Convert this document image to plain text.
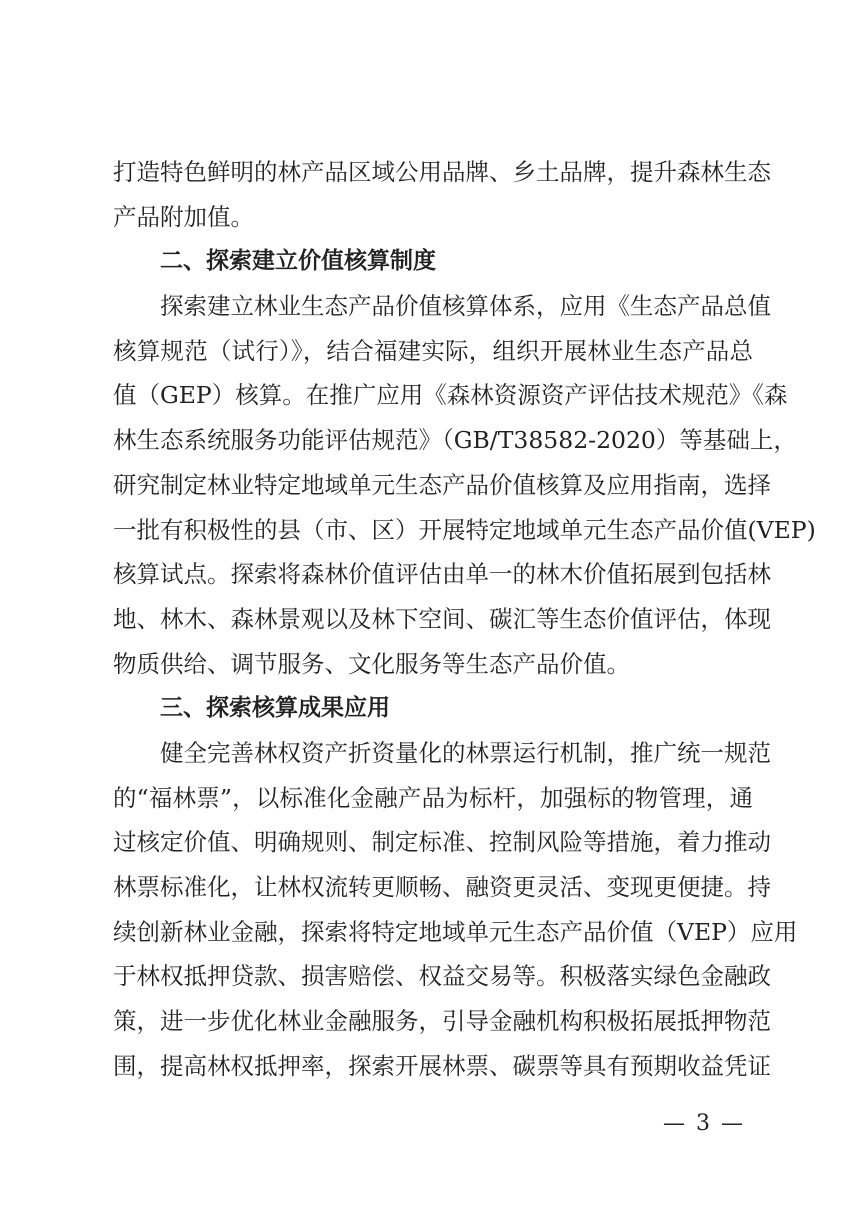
打造特色鲜明的林产品区域公用品牌、乡土品牌，提升森林生态
产品附加值。
二、探索建立价值核算制度
探索建立林业生态产品价值核算体系，应用《生态产品总值
核算规范（试行）》，结合福建实际，组织开展林业生态产品总
值（GEP）核算。在推广应用《森林资源资产评估技术规范》《森
林生态系统服务功能评估规范》（GB/T38582-2020）等基础上，
研究制定林业特定地域单元生态产品价值核算及应用指南，选择
一批有积极性的县（市、区）开展特定地域单元生态产品价值(VEP)
核算试点。探索将森林价值评估由单一的林木价值拓展到包括林
地、林木、森林景观以及林下空间、碳汇等生态价值评估，体现
物质供给、调节服务、文化服务等生态产品价值。
三、探索核算成果应用
健全完善林权资产折资量化的林票运行机制，推广统一规范
的“福林票”，以标准化金融产品为标杆，加强标的物管理，通
过核定价值、明确规则、制定标准、控制风险等措施，着力推动
林票标准化，让林权流转更顺畅、融资更灵活、变现更便捷。持
续创新林业金融，探索将特定地域单元生态产品价值（VEP）应用
于林权抵押贷款、损害赔偿、权益交易等。积极落实绿色金融政
策，进一步优化林业金融服务，引导金融机构积极拓展抵押物范
围，提高林权抵押率，探索开展林票、碳票等具有预期收益凭证
— 3 —
